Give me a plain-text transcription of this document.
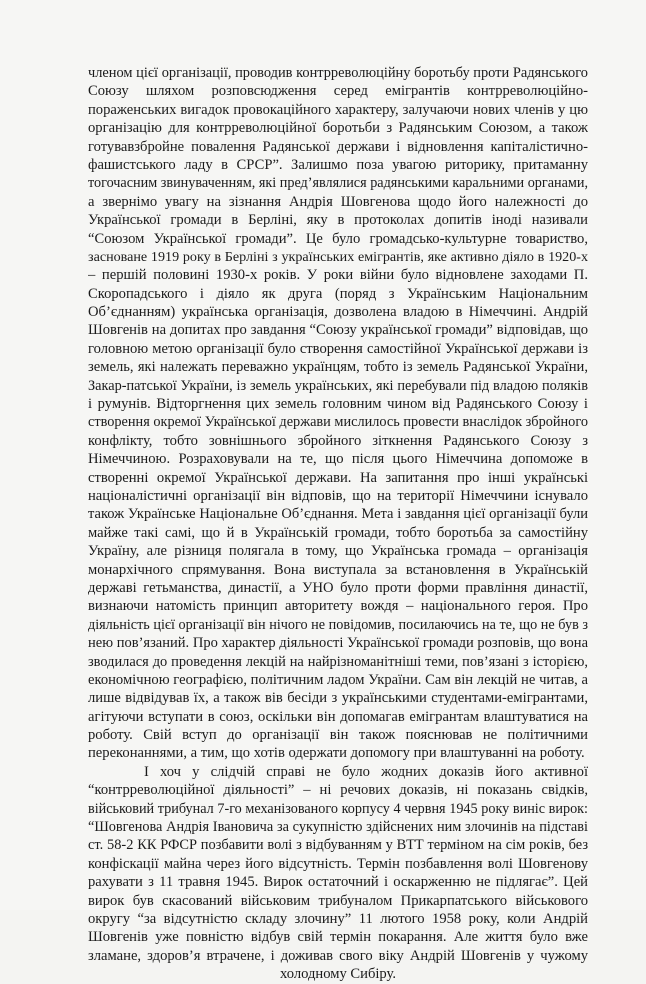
членом цієї організації, проводив контрреволюційну боротьбу проти Радянського
Союзу шляхом розповсюдження серед емігрантів контрреволюційно-
пораженських вигадок провокаційного характеру, залучаючи нових членів у цю
організацію для контрреволюційної боротьби з Радянським Союзом, а також
готувавзбройне повалення Радянської держави і відновлення капіталістично-
фашистського ладу в СРСР”. Залишмо поза увагою риторику, притаманну
тогочасним звинуваченням, які пред’являлися радянськими каральними органами,
а звернімо увагу на зізнання Андрія Шовгенова щодо його належності до
Української громади в Берліні, яку в протоколах допитів іноді називали
“Союзом Української громади”. Це було громадсько-культурне товариство,
засноване 1919 року в Берліні з українських емігрантів, яке активно діяло в 1920-х
– першій половині 1930-х років. У роки війни було відновлене заходами П.
Скоропадського і діяло як друга (поряд з Українським Національним
Об’єднанням) українська організація, дозволена владою в Німеччині. Андрій
Шовгенів на допитах про завдання “Союзу української громади” відповідав, що
головною метою організації було створення самостійної Української держави із
земель, які належать переважно українцям, тобто із земель Радянської України,
Закар-патської України, із земель українських, які перебували під владою поляків
і румунів. Відторгнення цих земель головним чином від Радянського Союзу і
створення окремої Української держави мислилось провести внаслідок збройного
конфлікту, тобто зовнішнього збройного зіткнення Радянського Союзу з
Німеччиною. Розраховували на те, що після цього Німеччина допоможе в
створенні окремої Української держави. На запитання про інші українські
націоналістичні організації він відповів, що на території Німеччини існувало
також Українське Національне Об’єднання. Мета і завдання цієї організації були
майже такі самі, що й в Українській громади, тобто боротьба за самостійну
Україну, але різниця полягала в тому, що Українська громада – організація
монархічного спрямування. Вона виступала за встановлення в Українській
державі гетьманства, династії, а УНО було проти форми правління династії,
визнаючи натомість принцип авторитету вождя – національного героя. Про
діяльність цієї організації він нічого не повідомив, посилаючись на те, що не був з
нею пов’язаний. Про характер діяльності Української громади розповів, що вона
зводилася до проведення лекцій на найрізноманітніші теми, пов’язані з історією,
економічною географією, політичним ладом України. Сам він лекцій не читав, а
лише відвідував їх, а також вів бесіди з українськими студентами-емігрантами,
агітуючи вступати в союз, оскільки він допомагав емігрантам влаштуватися на
роботу. Свій вступ до організації він також пояснював не політичними
переконаннями, а тим, що хотів одержати допомогу при влаштуванні на роботу.
І хоч у слідчій справі не було жодних доказів його активної
“контрреволюційної діяльності” – ні речових доказів, ні показань свідків,
військовий трибунал 7-го механізованого корпусу 4 червня 1945 року виніс вирок:
“Шовгенова Андрія Івановича за сукупністю здійснених ним злочинів на підставі
ст. 58-2 КК РФСР позбавити волі з відбуванням у ВТТ терміном на сім років, без
конфіскації майна через його відсутність. Термін позбавлення волі Шовгенову
рахувати з 11 травня 1945. Вирок остаточний і оскарженню не підлягає”. Цей
вирок був скасований військовим трибуналом Прикарпатського військового
округу “за відсутністю складу злочину” 11 лютого 1958 року, коли Андрій
Шовгенів уже повністю відбув свій термін покарання. Але життя було вже
зламане, здоров’я втрачене, і доживав свого віку Андрій Шовгенів у чужому
холодному Сибіру.
